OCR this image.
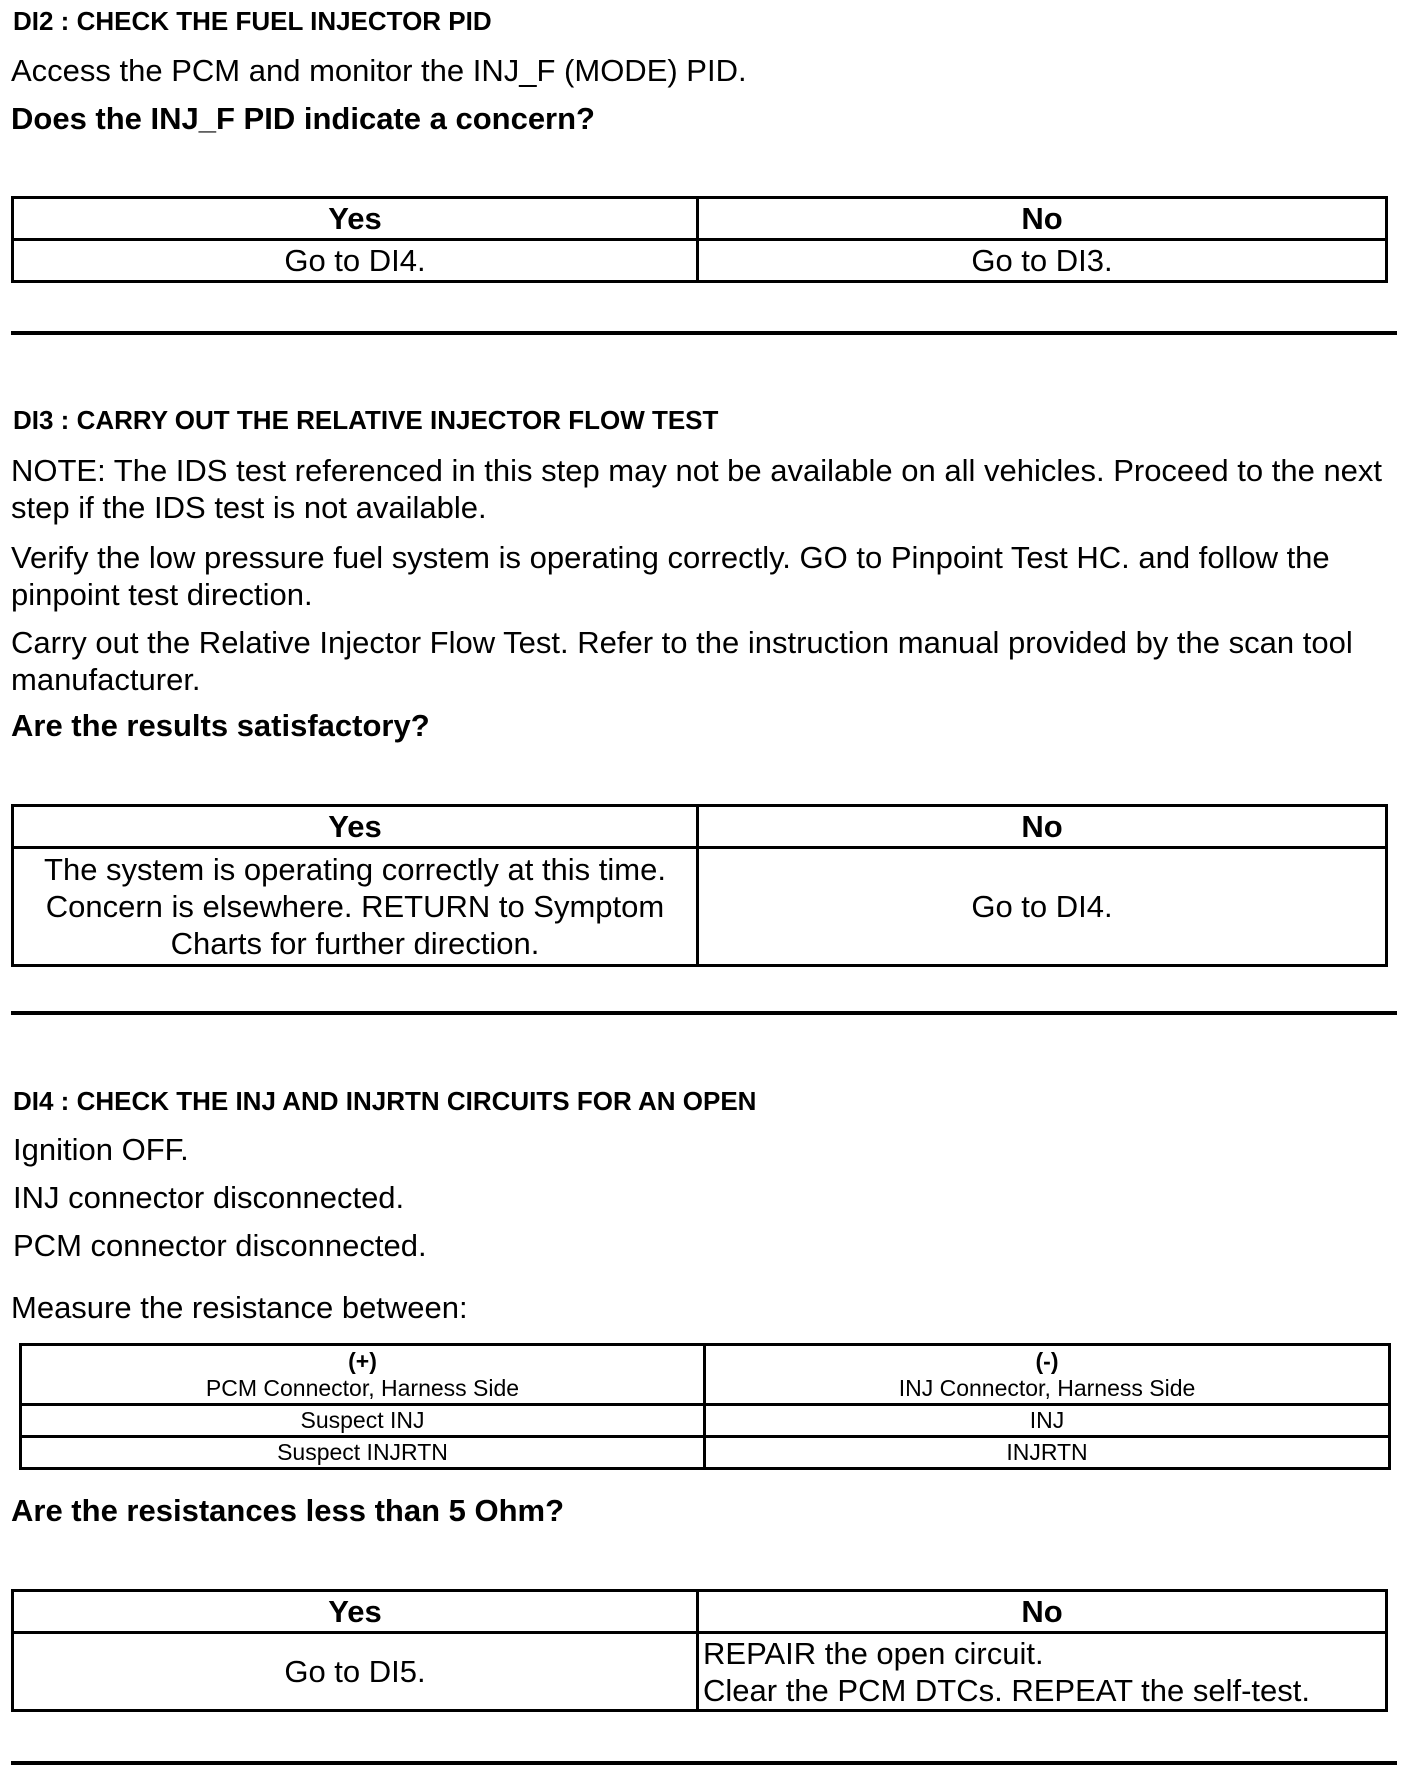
DI2 : CHECK THE FUEL INJECTOR PID

Access the PCM and monitor the INJ_F (MODE) PID.

Does the INJ_F PID indicate a concern?

Yes	No
Go to DI4.	Go to DI3.

DI3 : CARRY OUT THE RELATIVE INJECTOR FLOW TEST

NOTE: The IDS test referenced in this step may not be available on all vehicles. Proceed to the next step if the IDS test is not available.

Verify the low pressure fuel system is operating correctly. GO to Pinpoint Test HC. and follow the pinpoint test direction.

Carry out the Relative Injector Flow Test. Refer to the instruction manual provided by the scan tool manufacturer.

Are the results satisfactory?

Yes	No
The system is operating correctly at this time.
Concern is elsewhere. RETURN to Symptom
Charts for further direction.	Go to DI4.

DI4 : CHECK THE INJ AND INJRTN CIRCUITS FOR AN OPEN

Ignition OFF.

INJ connector disconnected.

PCM connector disconnected.

Measure the resistance between:

(+)
PCM Connector, Harness Side	(-)
INJ Connector, Harness Side
Suspect INJ	INJ
Suspect INJRTN	INJRTN

Are the resistances less than 5 Ohm?

Yes	No
Go to DI5.	REPAIR the open circuit.
Clear the PCM DTCs. REPEAT the self-test.
